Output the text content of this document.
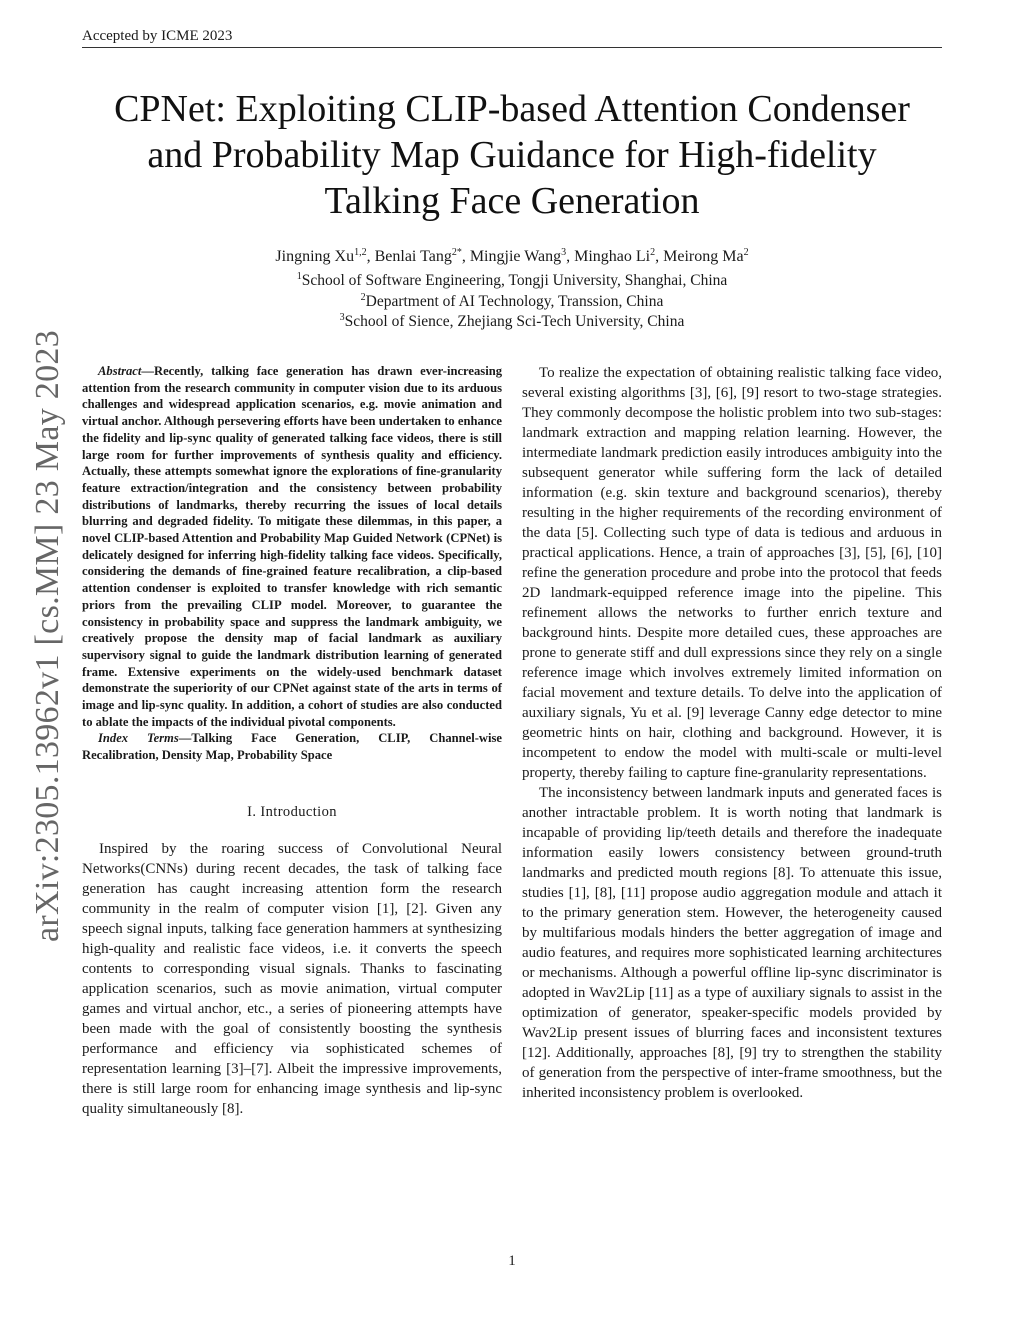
Accepted by ICME 2023
CPNet: Exploiting CLIP-based Attention Condenser
and Probability Map Guidance for High-fidelity
Talking Face Generation
Jingning Xu$^{1,2}$, Benlai Tang$^{2*}$, Mingjie Wang$^3$, Minghao Li$^2$, Meirong Ma$^2$
$^1$School of Software Engineering, Tongji University, Shanghai, China
$^2$Department of AI Technology, Transsion, China
$^3$School of Sience, Zhejiang Sci-Tech University, China
arXiv:2305.13962v1 [cs.MM] 23 May 2023	Abstract—Recently, talking face generation has drawn ever-increasing attention from the research community in computer vision due to its arduous challenges and widespread application scenarios, e.g. movie animation and virtual anchor. Although persevering efforts have been undertaken to enhance the fidelity and lip-sync quality of generated talking face videos, there is still large room for further improvements of synthesis quality and efficiency. Actually, these attempts somewhat ignore the explorations of fine-granularity feature extraction/integration and the consistency between probability distributions of landmarks, thereby recurring the issues of local details blurring and degraded fidelity. To mitigate these dilemmas, in this paper, a novel CLIP-based Attention and Probability Map Guided Network (CPNet) is delicately designed for inferring high-fidelity talking face videos. Specifically, considering the demands of fine-grained feature recalibration, a clip-based attention condenser is exploited to transfer knowledge with rich semantic priors from the prevailing CLIP model. Moreover, to guarantee the consistency in probability space and suppress the landmark ambiguity, we creatively propose the density map of facial landmark as auxiliary supervisory signal to guide the landmark distribution learning of generated frame. Extensive experiments on the widely-used benchmark dataset demonstrate the superiority of our CPNet against state of the arts in terms of image and lip-sync quality. In addition, a cohort of studies are also conducted to ablate the impacts of the individual pivotal components.

Index Terms—Talking Face Generation, CLIP, Channel-wise Recalibration, Density Map, Probability Space

I. Introduction

Inspired by the roaring success of Convolutional Neural Networks(CNNs) during recent decades, the task of talking face generation has caught increasing attention form the research community in the realm of computer vision [1], [2]. Given any speech signal inputs, talking face generation hammers at synthesizing high-quality and realistic face videos, i.e. it converts the speech contents to corresponding visual signals. Thanks to fascinating application scenarios, such as movie animation, virtual computer games and virtual anchor, etc., a series of pioneering attempts have been made with the goal of consistently boosting the synthesis performance and efficiency via sophisticated schemes of representation learning [3]–[7]. Albeit the impressive improvements, there is still large room for enhancing image synthesis and lip-sync quality simultaneously [8].

To realize the expectation of obtaining realistic talking face video, several existing algorithms [3], [6], [9] resort to two-stage strategies. They commonly decompose the holistic problem into two sub-stages: landmark extraction and mapping relation learning. However, the intermediate landmark prediction easily introduces ambiguity into the subsequent generator while suffering form the lack of detailed information (e.g. skin texture and background scenarios), thereby resulting in the higher requirements of the recording environment of the data [5]. Collecting such type of data is tedious and arduous in practical applications. Hence, a train of approaches [3], [5], [6], [10] refine the generation procedure and probe into the protocol that feeds 2D landmark-equipped reference image into the pipeline. This refinement allows the networks to further enrich texture and background hints. Despite more detailed cues, these approaches are prone to generate stiff and dull expressions since they rely on a single reference image which involves extremely limited information on facial movement and texture details. To delve into the application of auxiliary signals, Yu et al. [9] leverage Canny edge detector to mine geometric hints on hair, clothing and background. However, it is incompetent to endow the model with multi-scale or multi-level property, thereby failing to capture fine-granularity representations.

The inconsistency between landmark inputs and generated faces is another intractable problem. It is worth noting that landmark is incapable of providing lip/teeth details and therefore the inadequate information easily lowers consistency between ground-truth landmarks and predicted mouth regions [8]. To attenuate this issue, studies [1], [8], [11] propose audio aggregation module and attach it to the primary generation stem. However, the heterogeneity caused by multifarious modals hinders the better aggregation of image and audio features, and requires more sophisticated learning architectures or mechanisms. Although a powerful offline lip-sync discriminator is adopted in Wav2Lip [11] as a type of auxiliary signals to assist in the optimization of generator, speaker-specific models provided by Wav2Lip present issues of blurring faces and inconsistent textures [12]. Additionally, approaches [8], [9] try to strengthen the stability of generation from the perspective of inter-frame smoothness, but the inherited inconsistency problem is overlooked.

1
